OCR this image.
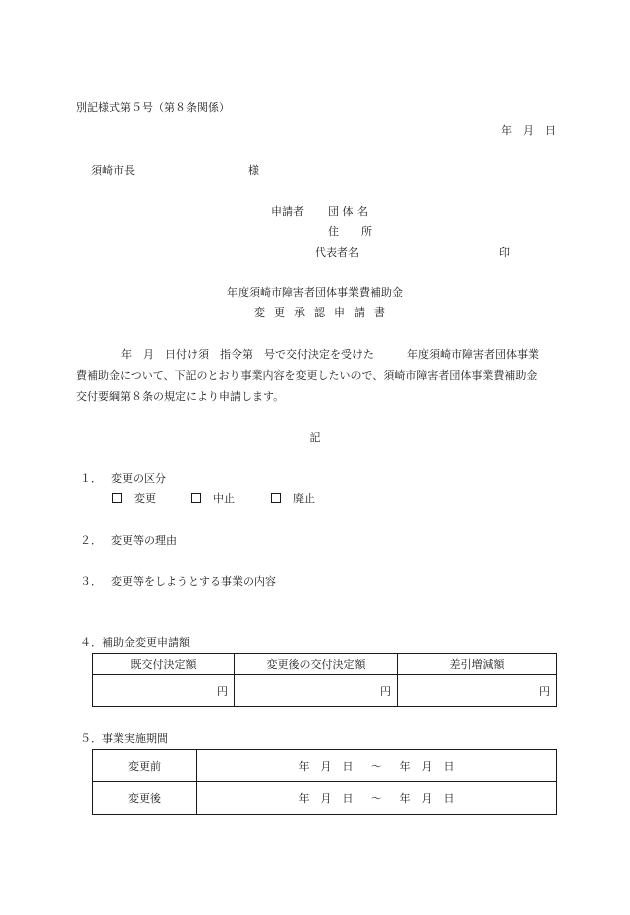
別記様式第５号（第８条関係）
年　月　日
須崎市長	様
申請者 団 体 名
住　　所
代表者名	印
年度須崎市障害者団体事業費補助金
変更承認申請書
年　月　日付け須　指令第　号で交付決定を受けた　　　年度須崎市障害者団体事業
費補助金について、下記のとおり事業内容を変更したいので、須崎市障害者団体事業費補助金
交付要綱第８条の規定により申請します。
記
１． 変更の区分
変更	中止	廃止
２． 変更等の理由
３． 変更等をしようとする事業の内容
４．補助金変更申請額
既交付決定額	変更後の交付決定額	差引増減額
円	円	円
５．事業実施期間
変更前	年　月　日 ～ 年　月　日
変更後	年　月　日 ～ 年　月　日
